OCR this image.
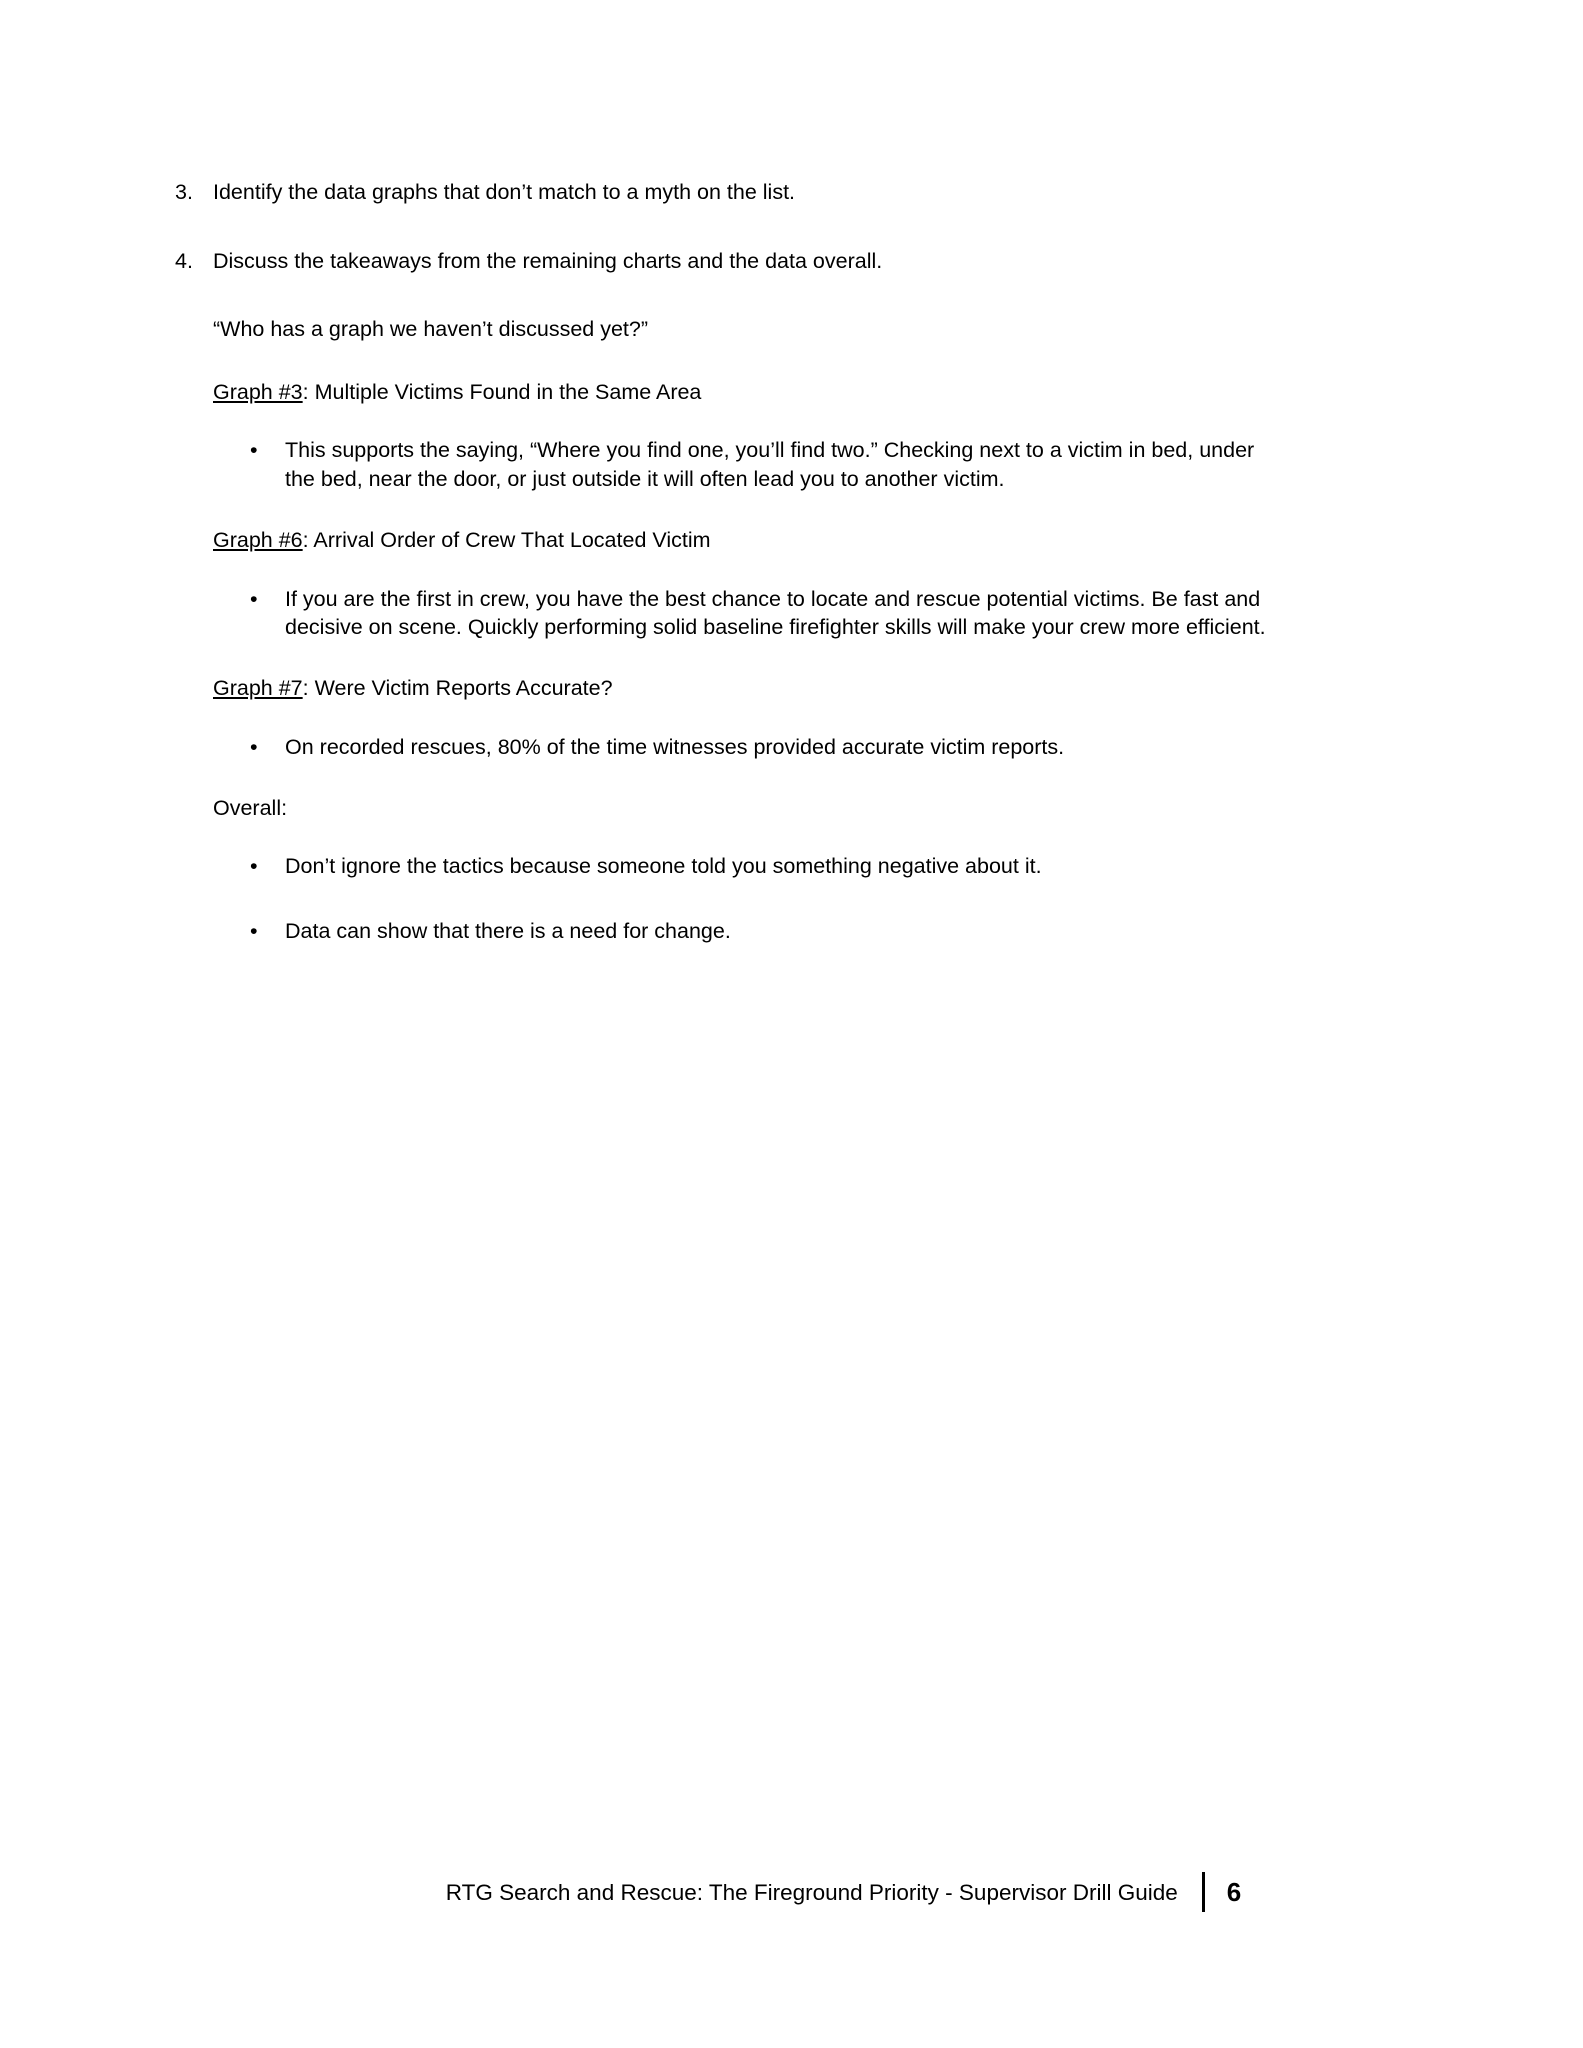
3. Identify the data graphs that don’t match to a myth on the list.
4. Discuss the takeaways from the remaining charts and the data overall.
“Who has a graph we haven’t discussed yet?”
Graph #3: Multiple Victims Found in the Same Area
•	This supports the saying, “Where you find one, you’ll find two.” Checking next to a victim in bed, under the bed, near the door, or just outside it will often lead you to another victim.
Graph #6: Arrival Order of Crew That Located Victim
•	If you are the first in crew, you have the best chance to locate and rescue potential victims. Be fast and decisive on scene. Quickly performing solid baseline firefighter skills will make your crew more efficient.
Graph #7: Were Victim Reports Accurate?
•	On recorded rescues, 80% of the time witnesses provided accurate victim reports.
Overall:
•	Don’t ignore the tactics because someone told you something negative about it.
•	Data can show that there is a need for change.
RTG Search and Rescue: The Fireground Priority - Supervisor Drill Guide 6
